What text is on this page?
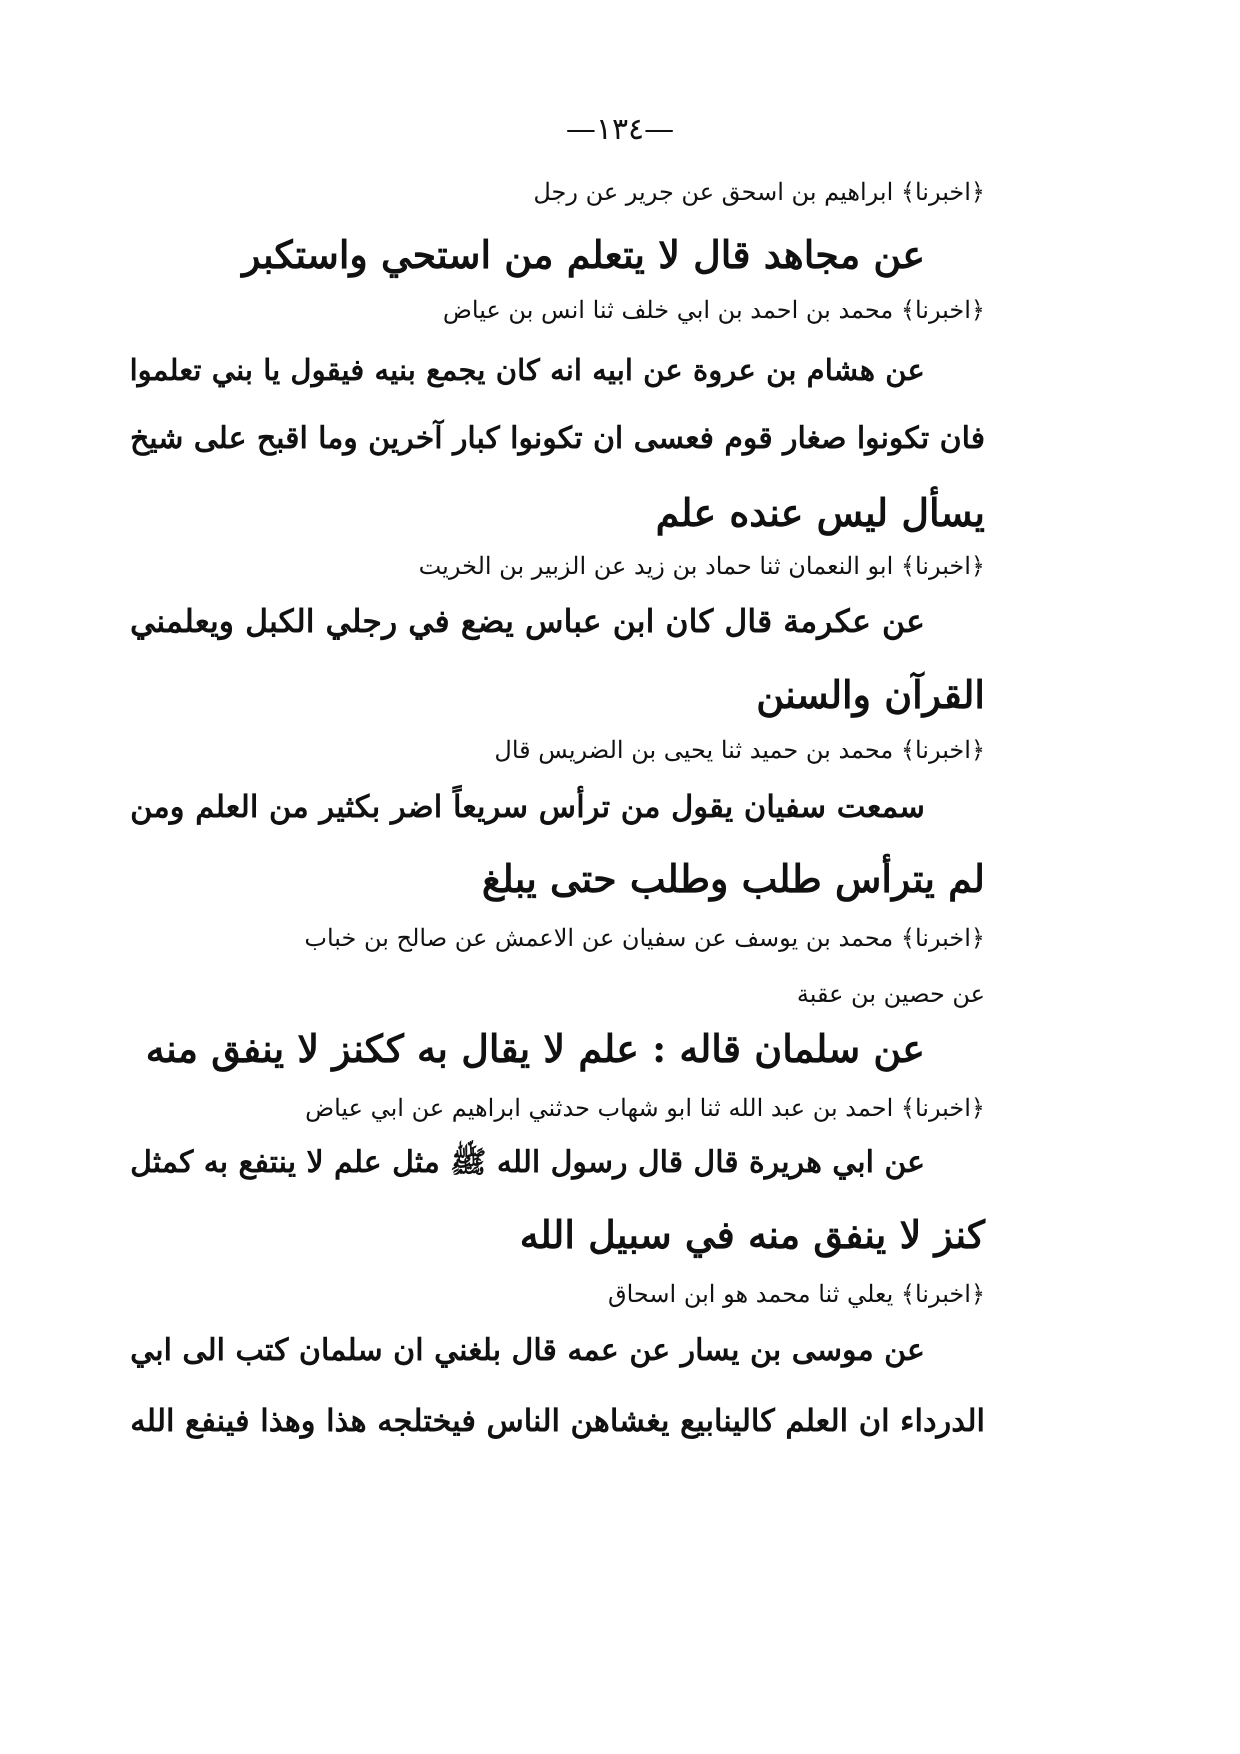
—١٣٤—
﴿اخبرنا﴾ ابراهيم بن اسحق عن جرير عن رجل
عن مجاهد قال لا يتعلم من استحي واستكبر
﴿اخبرنا﴾ محمد بن احمد بن ابي خلف ثنا انس بن عياض
عن هشام بن عروة عن ابيه انه كان يجمع بنيه فيقول يا بني تعلموا
فان تكونوا صغار قوم فعسى ان تكونوا كبار آخرين وما اقبح على شيخ
يسأل ليس عنده علم
﴿اخبرنا﴾ ابو النعمان ثنا حماد بن زيد عن الزبير بن الخريت
عن عكرمة قال كان ابن عباس يضع في رجلي الكبل ويعلمني
القرآن والسنن
﴿اخبرنا﴾ محمد بن حميد ثنا يحيى بن الضريس قال
سمعت سفيان يقول من ترأس سريعاً اضر بكثير من العلم ومن
لم يترأس طلب وطلب حتى يبلغ
﴿اخبرنا﴾ محمد بن يوسف عن سفيان عن الاعمش عن صالح بن خباب
عن حصين بن عقبة
عن سلمان قاله : علم لا يقال به ككنز لا ينفق منه
﴿اخبرنا﴾ احمد بن عبد الله ثنا ابو شهاب حدثني ابراهيم عن ابي عياض
عن ابي هريرة قال قال رسول الله ﷺ مثل علم لا ينتفع به كمثل
كنز لا ينفق منه في سبيل الله
﴿اخبرنا﴾ يعلي ثنا محمد هو ابن اسحاق
عن موسى بن يسار عن عمه قال بلغني ان سلمان كتب الى ابي
الدرداء ان العلم كالينابيع يغشاهن الناس فيختلجه هذا وهذا فينفع الله
